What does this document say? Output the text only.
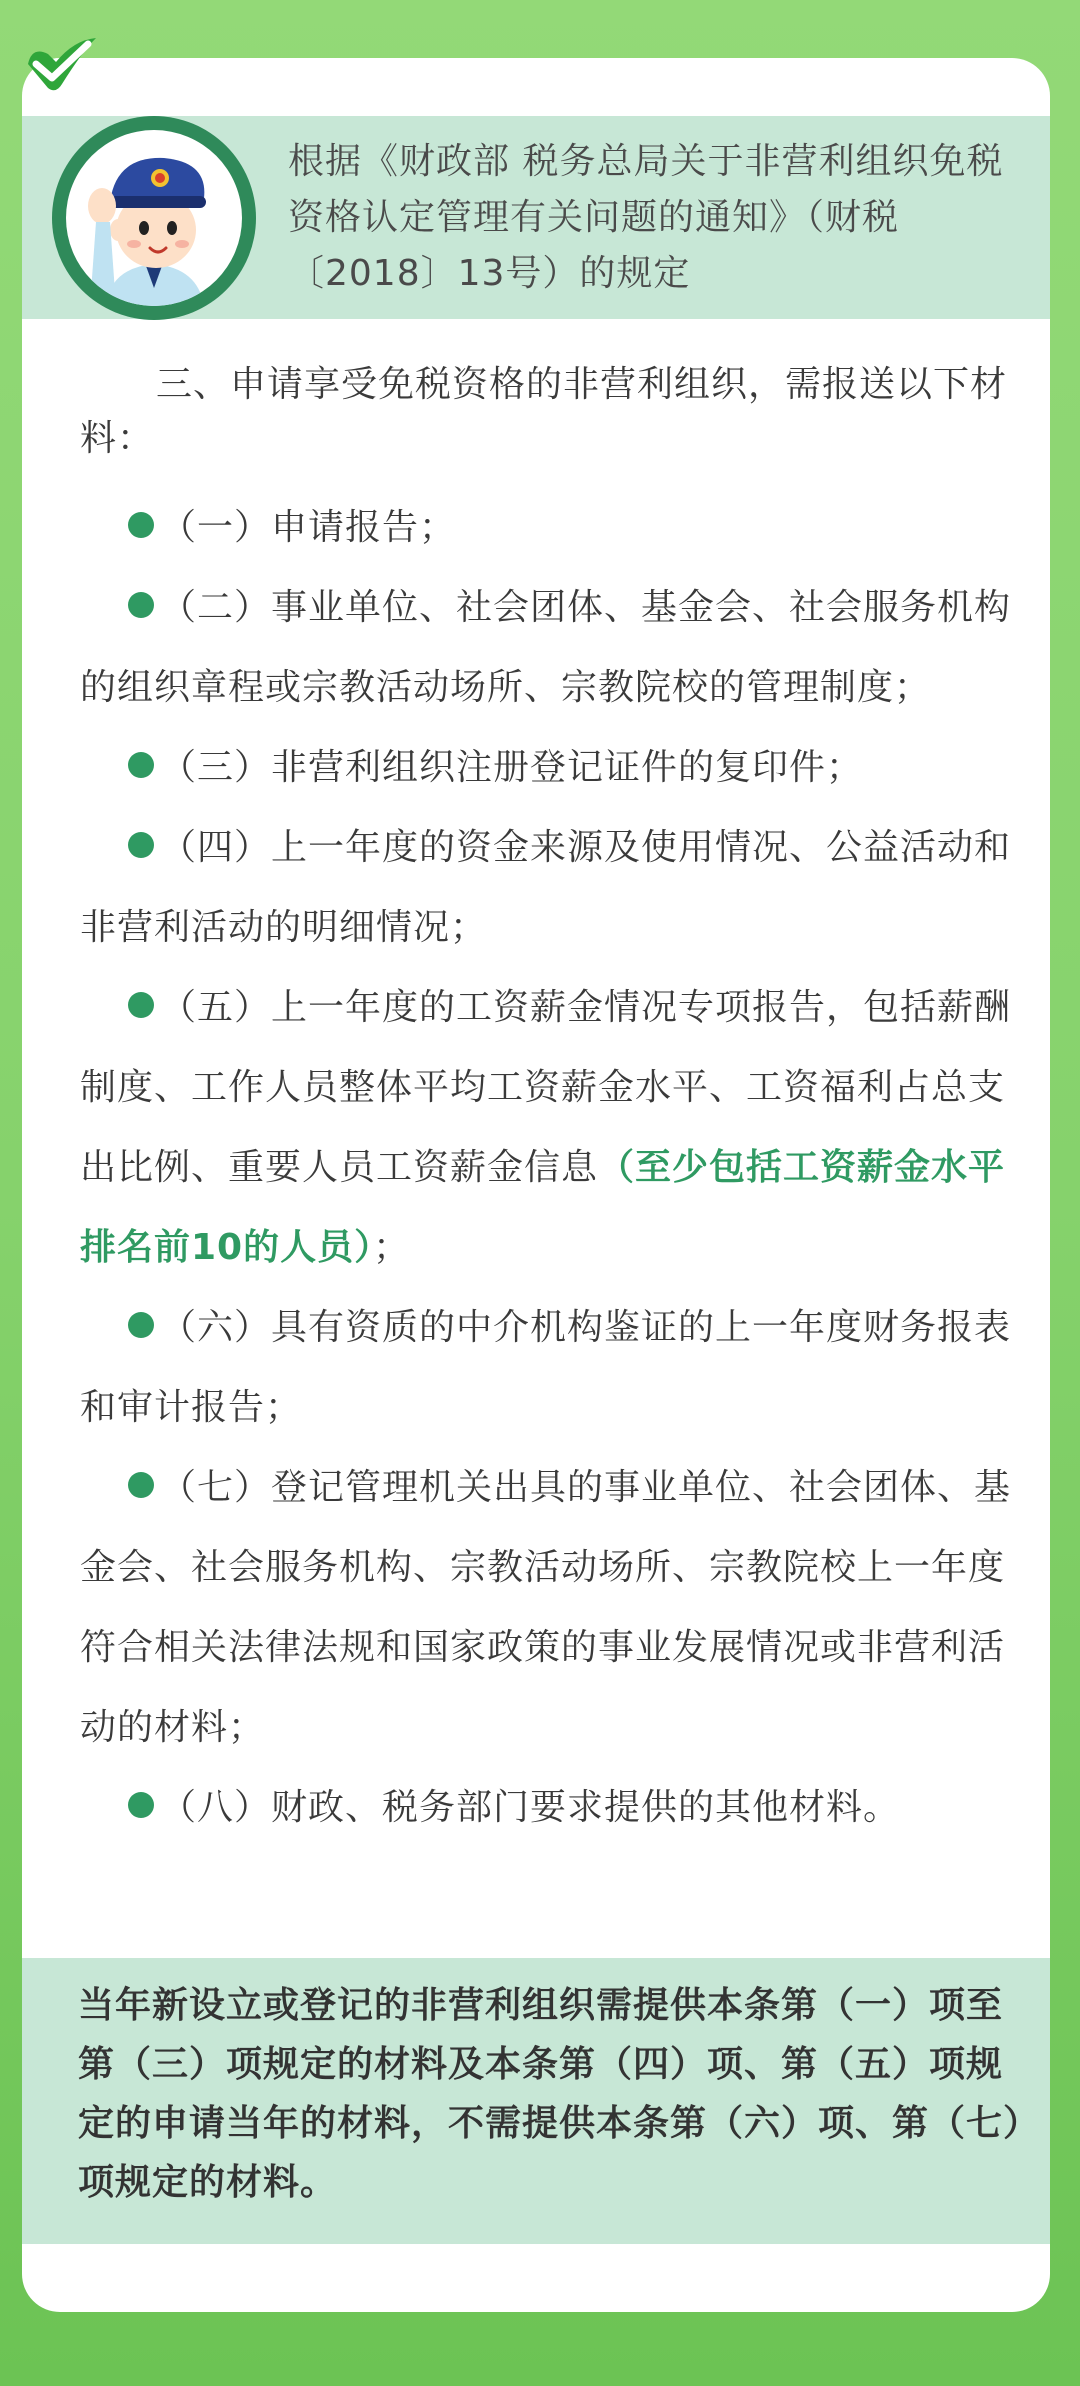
根据《财政部 税务总局关于非营利组织免税资格认定管理有关问题的通知》（财税〔2018〕13号）的规定

三、申请享受免税资格的非营利组织，需报送以下材料：

（一）申请报告；

（二）事业单位、社会团体、基金会、社会服务机构的组织章程或宗教活动场所、宗教院校的管理制度；

（三）非营利组织注册登记证件的复印件；

（四）上一年度的资金来源及使用情况、公益活动和非营利活动的明细情况；

（五）上一年度的工资薪金情况专项报告，包括薪酬制度、工作人员整体平均工资薪金水平、工资福利占总支出比例、重要人员工资薪金信息（至少包括工资薪金水平排名前10的人员）；

（六）具有资质的中介机构鉴证的上一年度财务报表和审计报告；

（七）登记管理机关出具的事业单位、社会团体、基金会、社会服务机构、宗教活动场所、宗教院校上一年度符合相关法律法规和国家政策的事业发展情况或非营利活动的材料；

（八）财政、税务部门要求提供的其他材料。

当年新设立或登记的非营利组织需提供本条第（一）项至第（三）项规定的材料及本条第（四）项、第（五）项规定的申请当年的材料，不需提供本条第（六）项、第（七）项规定的材料。
